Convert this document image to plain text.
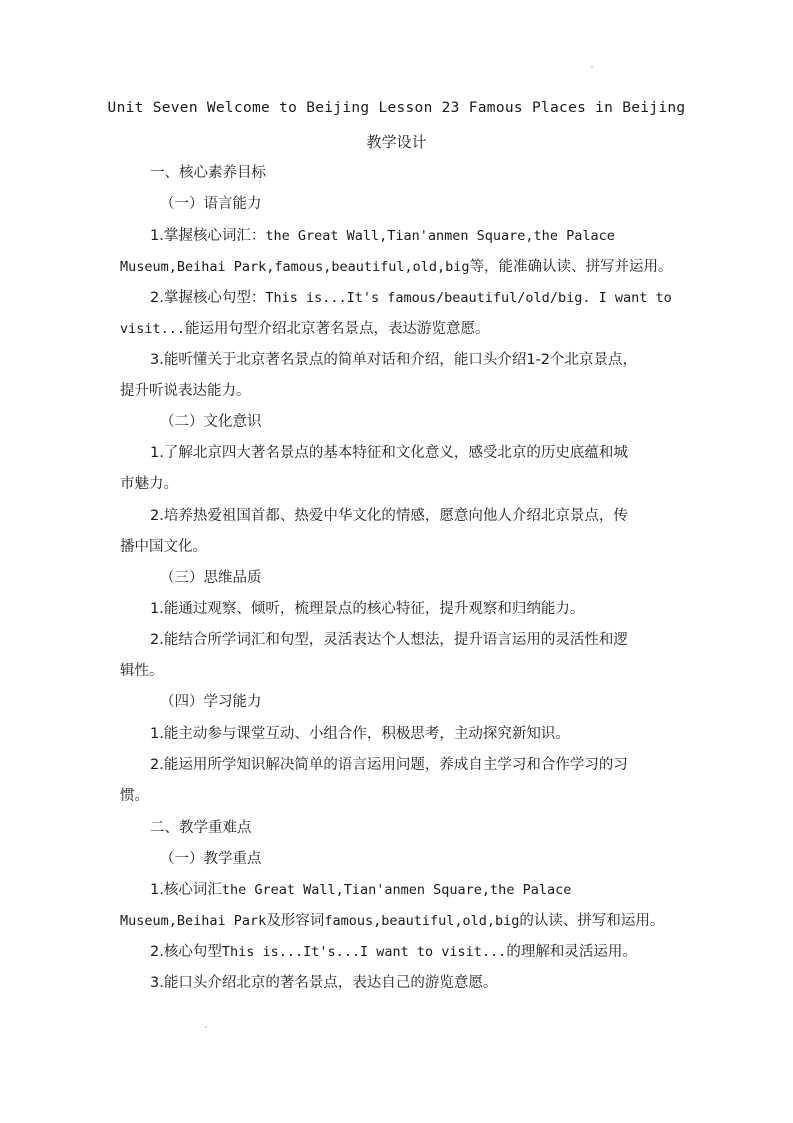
Unit Seven Welcome to Beijing Lesson 23 Famous Places in Beijing
教学设计
一、核心素养目标
（一）语言能力
1.掌握核心词汇：the Great Wall,Tian'anmen Square,the Palace
Museum,Beihai Park,famous,beautiful,old,big等，能准确认读、拼写并运用。
2.掌握核心句型：This is...It's famous/beautiful/old/big. I want to
visit...能运用句型介绍北京著名景点，表达游览意愿。
3.能听懂关于北京著名景点的简单对话和介绍，能口头介绍1-2个北京景点，
提升听说表达能力。
（二）文化意识
1.了解北京四大著名景点的基本特征和文化意义，感受北京的历史底蕴和城
市魅力。
2.培养热爱祖国首都、热爱中华文化的情感，愿意向他人介绍北京景点，传
播中国文化。
（三）思维品质
1.能通过观察、倾听，梳理景点的核心特征，提升观察和归纳能力。
2.能结合所学词汇和句型，灵活表达个人想法，提升语言运用的灵活性和逻
辑性。
（四）学习能力
1.能主动参与课堂互动、小组合作，积极思考，主动探究新知识。
2.能运用所学知识解决简单的语言运用问题，养成自主学习和合作学习的习
惯。
二、教学重难点
（一）教学重点
1.核心词汇the Great Wall,Tian'anmen Square,the Palace
Museum,Beihai Park及形容词famous,beautiful,old,big的认读、拼写和运用。
2.核心句型This is...It's...I want to visit...的理解和灵活运用。
3.能口头介绍北京的著名景点，表达自己的游览意愿。
